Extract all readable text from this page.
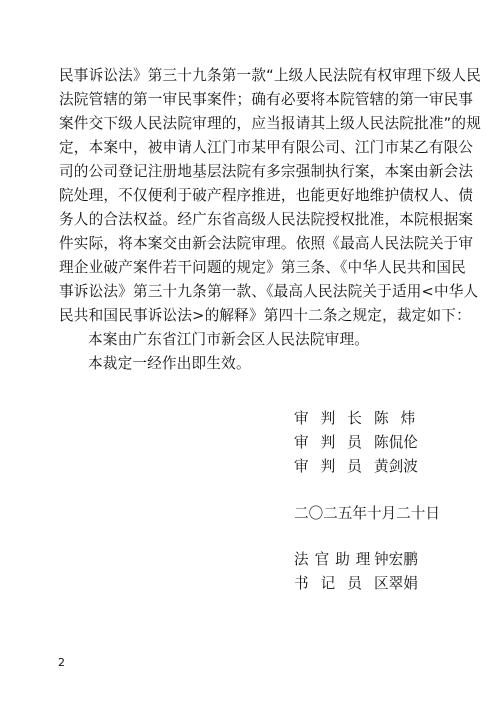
民事诉讼法》第三十九条第一款“上级人民法院有权审理下级人民
法院管辖的第一审民事案件；确有必要将本院管辖的第一审民事
案件交下级人民法院审理的，应当报请其上级人民法院批准”的规
定，本案中，被申请人江门市某甲有限公司、江门市某乙有限公
司的公司登记注册地基层法院有多宗强制执行案，本案由新会法
院处理，不仅便利于破产程序推进，也能更好地维护债权人、债
务人的合法权益。经广东省高级人民法院授权批准，本院根据案
件实际，将本案交由新会法院审理。依照《最高人民法院关于审
理企业破产案件若干问题的规定》第三条、《中华人民共和国民
事诉讼法》第三十九条第一款、《最高人民法院关于适用<中华人
民共和国民事诉讼法>的解释》第四十二条之规定，裁定如下：
本案由广东省江门市新会区人民法院审理。
本裁定一经作出即生效。
审判长 陈炜
审判员 陈侃伦
审判员 黄剑波
二〇二五年十月二十日
法官助理
钟宏鹏
书记员 区翠娟
2
